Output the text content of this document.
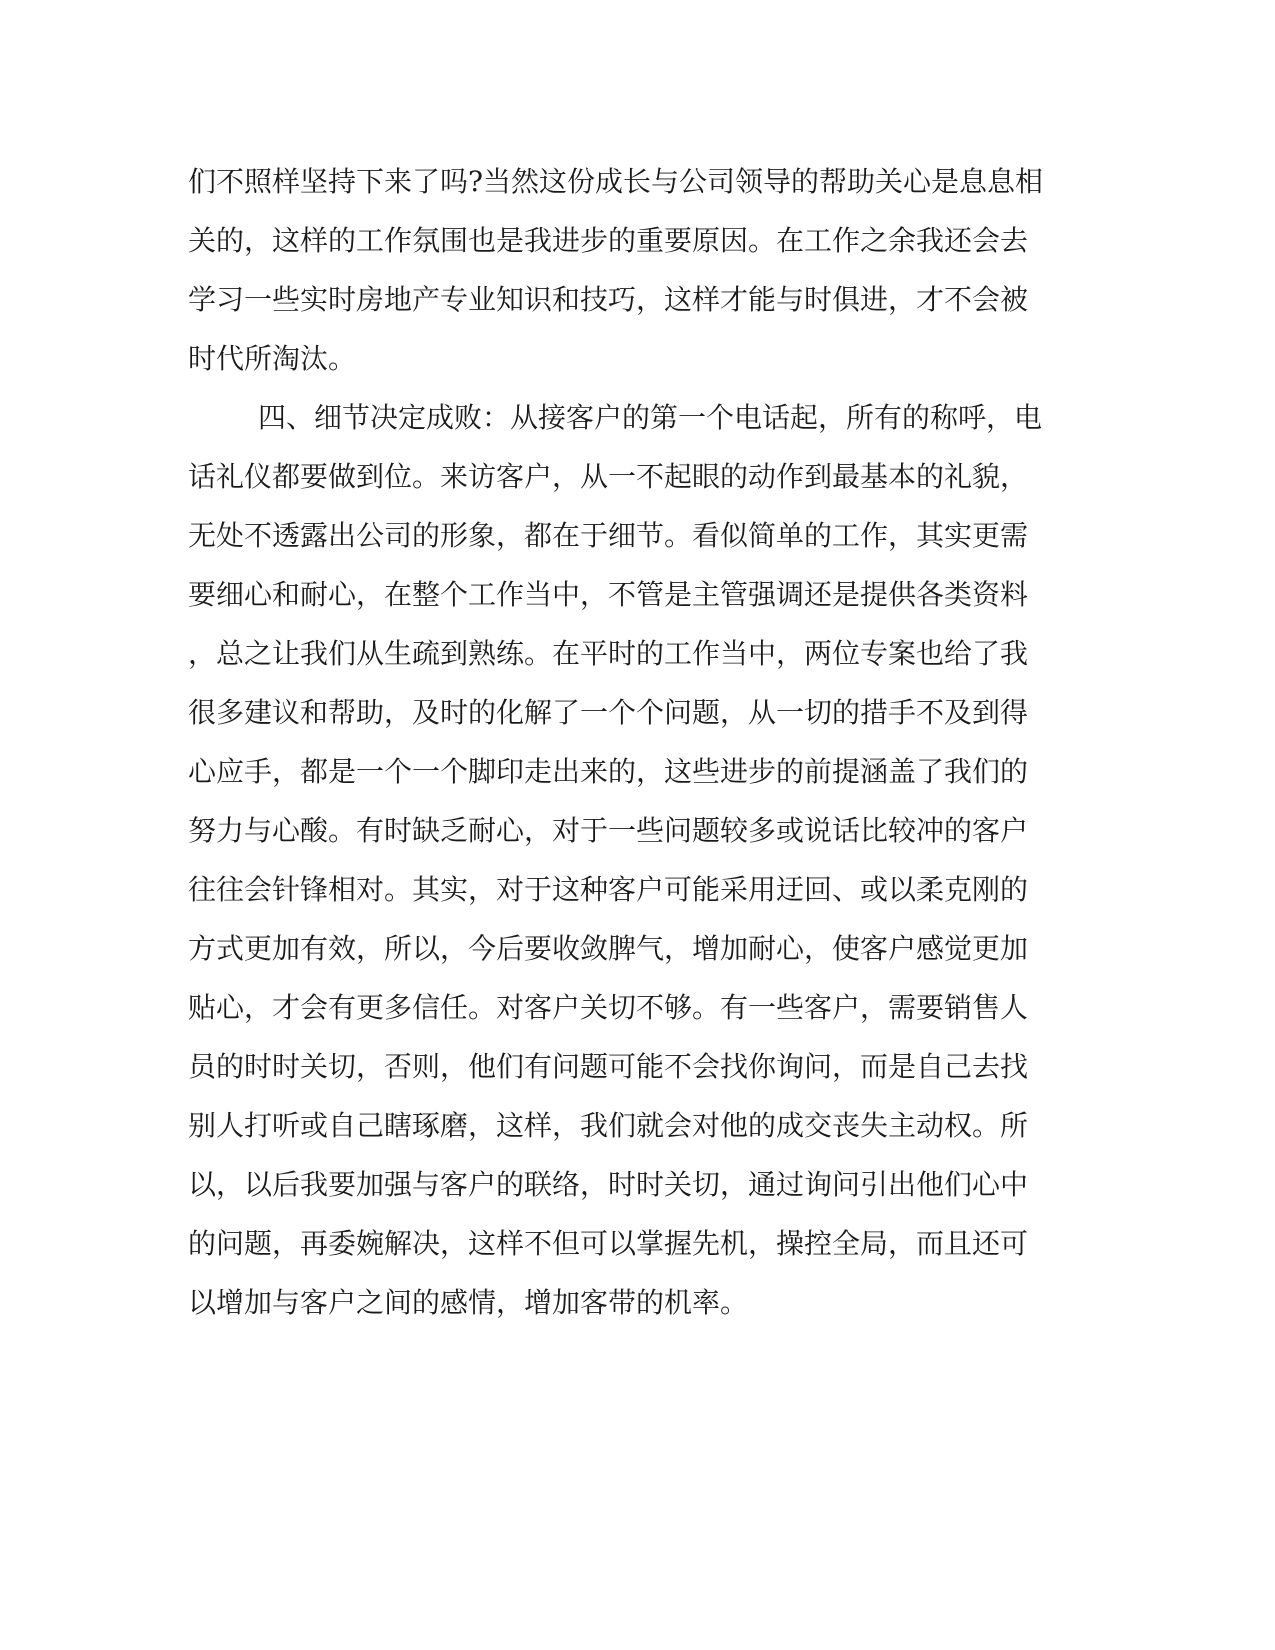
们不照样坚持下来了吗?当然这份成长与公司领导的帮助关心是息息相
关的，这样的工作氛围也是我进步的重要原因。在工作之余我还会去
学习一些实时房地产专业知识和技巧，这样才能与时俱进，才不会被
时代所淘汰。
四、细节决定成败：从接客户的第一个电话起，所有的称呼，电
话礼仪都要做到位。来访客户，从一不起眼的动作到最基本的礼貌，
无处不透露出公司的形象，都在于细节。看似简单的工作，其实更需
要细心和耐心，在整个工作当中，不管是主管强调还是提供各类资料
，总之让我们从生疏到熟练。在平时的工作当中，两位专案也给了我
很多建议和帮助，及时的化解了一个个问题，从一切的措手不及到得
心应手，都是一个一个脚印走出来的，这些进步的前提涵盖了我们的
努力与心酸。有时缺乏耐心，对于一些问题较多或说话比较冲的客户
往往会针锋相对。其实，对于这种客户可能采用迂回、或以柔克刚的
方式更加有效，所以，今后要收敛脾气，增加耐心，使客户感觉更加
贴心，才会有更多信任。对客户关切不够。有一些客户，需要销售人
员的时时关切，否则，他们有问题可能不会找你询问，而是自己去找
别人打听或自己瞎琢磨，这样，我们就会对他的成交丧失主动权。所
以，以后我要加强与客户的联络，时时关切，通过询问引出他们心中
的问题，再委婉解决，这样不但可以掌握先机，操控全局，而且还可
以增加与客户之间的感情，增加客带的机率。
